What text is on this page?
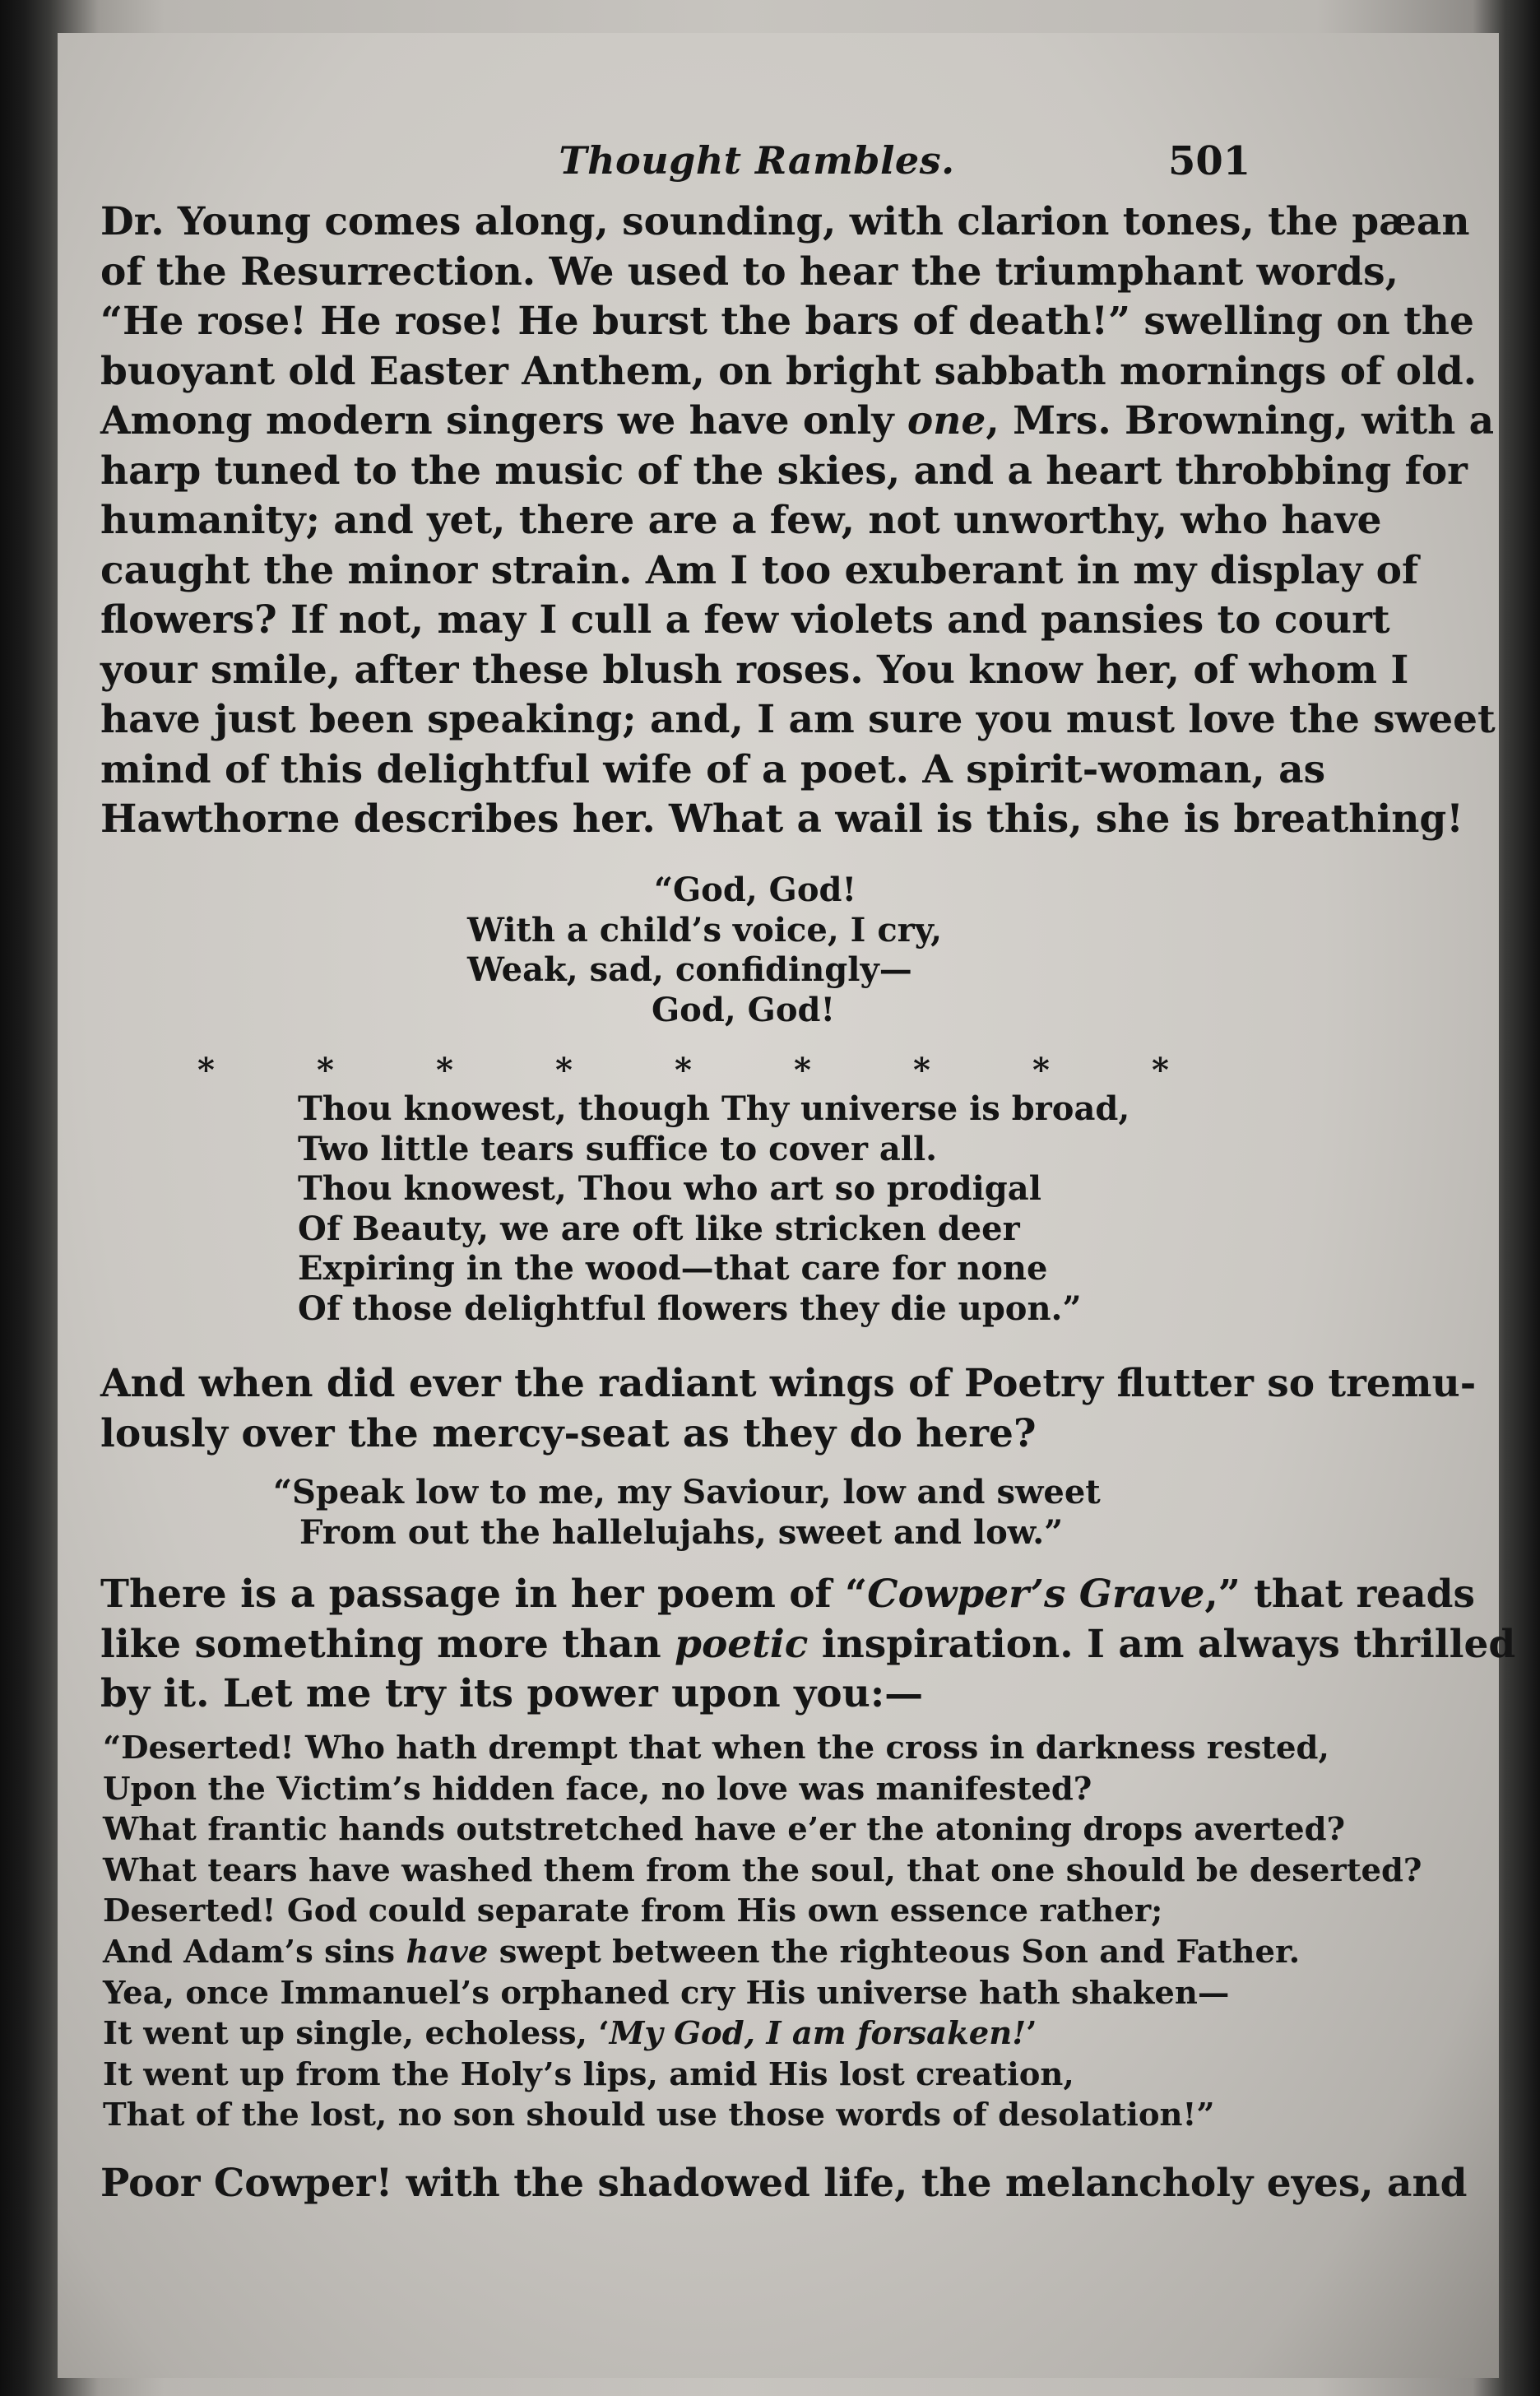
Thought Rambles.	501
Dr. Young comes along, sounding, with clarion tones, the pæan
of the Resurrection. We used to hear the triumphant words,
“He rose! He rose! He burst the bars of death!” swelling on the
buoyant old Easter Anthem, on bright sabbath mornings of old.
Among modern singers we have only one, Mrs. Browning, with a
harp tuned to the music of the skies, and a heart throbbing for
humanity; and yet, there are a few, not unworthy, who have
caught the minor strain. Am I too exuberant in my display of
flowers? If not, may I cull a few violets and pansies to court
your smile, after these blush roses. You know her, of whom I
have just been speaking; and, I am sure you must love the sweet
mind of this delightful wife of a poet. A spirit-woman, as
Hawthorne describes her. What a wail is this, she is breathing!
“God, God!
With a child’s voice, I cry,
Weak, sad, confidingly—
God, God!
*	*	*	*	*	*	*	*	*
Thou knowest, though Thy universe is broad,
Two little tears suffice to cover all.
Thou knowest, Thou who art so prodigal
Of Beauty, we are oft like stricken deer
Expiring in the wood—that care for none
Of those delightful flowers they die upon.”
And when did ever the radiant wings of Poetry flutter so tremu-
lously over the mercy-seat as they do here?
“Speak low to me, my Saviour, low and sweet
From out the hallelujahs, sweet and low.”
There is a passage in her poem of “Cowper’s Grave,” that reads
like something more than poetic inspiration. I am always thrilled
by it. Let me try its power upon you:—
“Deserted! Who hath drempt that when the cross in darkness rested,
Upon the Victim’s hidden face, no love was manifested?
What frantic hands outstretched have e’er the atoning drops averted?
What tears have washed them from the soul, that one should be deserted?
Deserted! God could separate from His own essence rather;
And Adam’s sins have swept between the righteous Son and Father.
Yea, once Immanuel’s orphaned cry His universe hath shaken—
It went up single, echoless, ‘My God, I am forsaken!’
It went up from the Holy’s lips, amid His lost creation,
That of the lost, no son should use those words of desolation!”
Poor Cowper! with the shadowed life, the melancholy eyes, and
